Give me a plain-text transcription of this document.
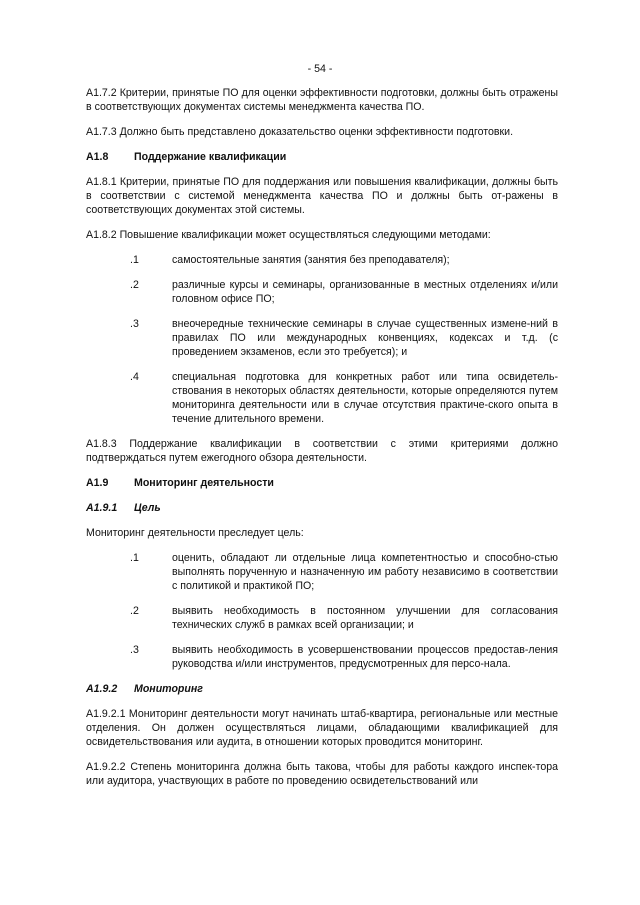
- 54 -

А1.7.2 Критерии, принятые ПО для оценки эффективности подготовки, должны быть отражены в соответствующих документах системы менеджмента качества ПО.

А1.7.3 Должно быть представлено доказательство оценки эффективности подготовки.

А1.8 Поддержание квалификации

А1.8.1 Критерии, принятые ПО для поддержания или повышения квалификации, должны быть в соответствии с системой менеджмента качества ПО и должны быть от-ражены в соответствующих документах этой системы.

А1.8.2 Повышение квалификации может осуществляться следующими методами:

.1	самостоятельные занятия (занятия без преподавателя);
.2	различные курсы и семинары, организованные в местных отделениях и/или головном офисе ПО;
.3	внеочередные технические семинары в случае существенных измене-ний в правилах ПО или международных конвенциях, кодексах и т.д. (с проведением экзаменов, если это требуется); и
.4	специальная подготовка для конкретных работ или типа освидетель-ствования в некоторых областях деятельности, которые определяются путем мониторинга деятельности или в случае отсутствия практиче-ского опыта в течение длительного времени.

А1.8.3 Поддержание квалификации в соответствии с этими критериями должно подтверждаться путем ежегодного обзора деятельности.

А1.9 Мониторинг деятельности
А1.9.1 Цель

Мониторинг деятельности преследует цель:

.1	оценить, обладают ли отдельные лица компетентностью и способно-стью выполнять порученную и назначенную им работу независимо в соответствии с политикой и практикой ПО;
.2	выявить необходимость в постоянном улучшении для согласования технических служб в рамках всей организации; и
.3	выявить необходимость в усовершенствовании процессов предостав-ления руководства и/или инструментов, предусмотренных для персо-нала.
А1.9.2 Мониторинг

А1.9.2.1 Мониторинг деятельности могут начинать штаб-квартира, региональные или местные отделения. Он должен осуществляться лицами, обладающими квалификацией для освидетельствования или аудита, в отношении которых проводится мониторинг.

А1.9.2.2 Степень мониторинга должна быть такова, чтобы для работы каждого инспек-тора или аудитора, участвующих в работе по проведению освидетельствований или
